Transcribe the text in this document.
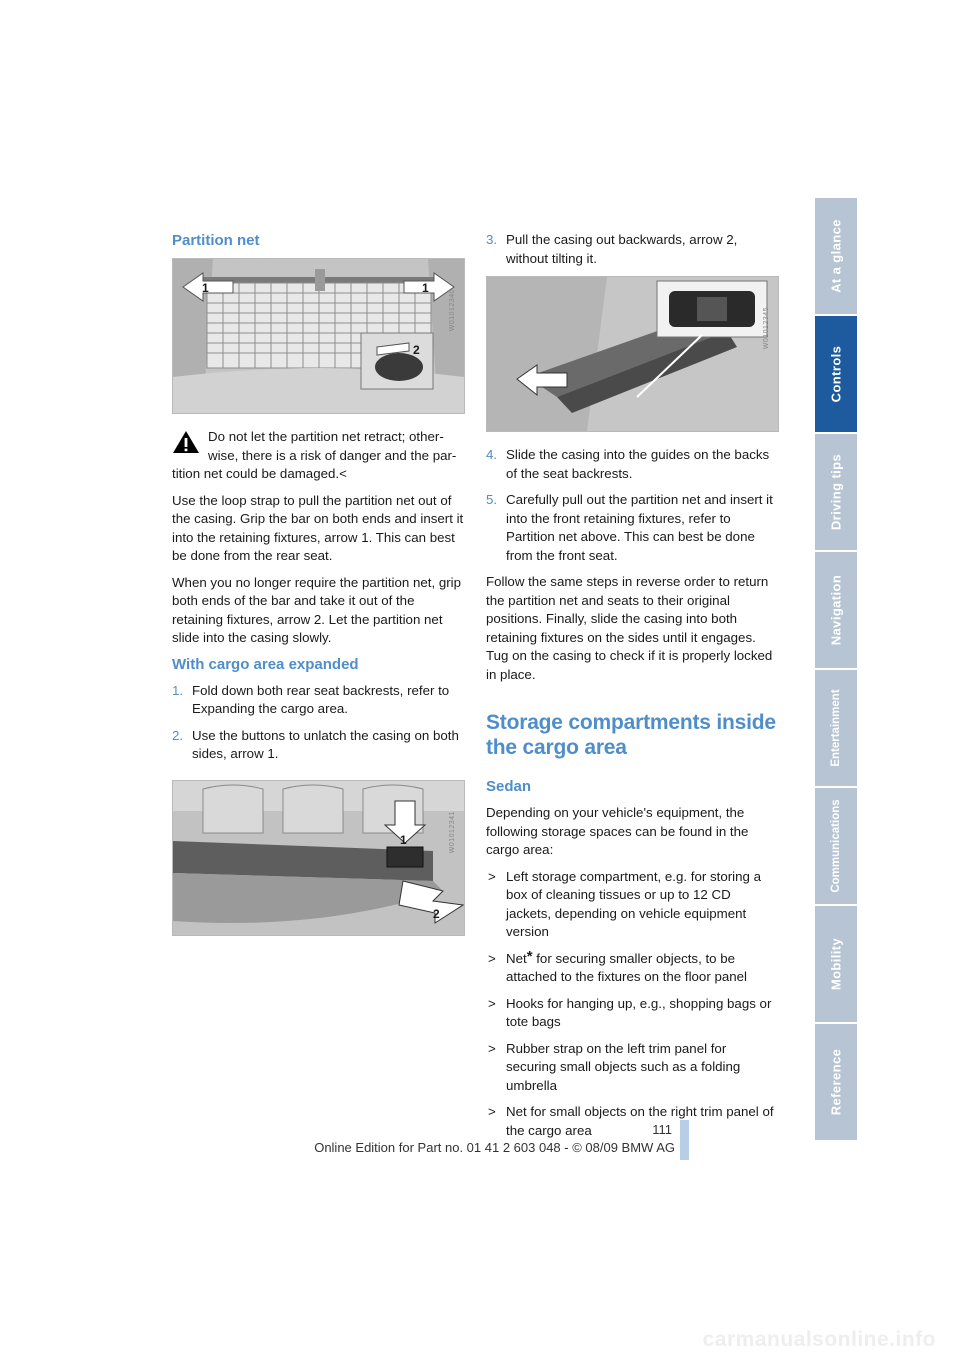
Partition net
1	1
2
W01012340
Do not let the partition net retract; other-
wise, there is a risk of danger and the par-

tition net could be damaged.<

Use the loop strap to pull the partition net out of the casing. Grip the bar on both ends and insert it into the retaining fixtures, arrow 1. This can best be done from the rear seat.

When you no longer require the partition net, grip both ends of the bar and take it out of the retaining fixtures, arrow 2. Let the partition net slide into the casing slowly.

With cargo area expanded
1. Fold down both rear seat backrests, refer to Expanding the cargo area.
2. Use the buttons to unlatch the casing on both sides, arrow 1.
1
2
W01012341
3. Pull the casing out backwards, arrow 2, without tilting it.
W01012345
4. Slide the casing into the guides on the backs of the seat backrests.
5. Carefully pull out the partition net and insert it into the front retaining fixtures, refer to Partition net above. This can best be done from the front seat.

Follow the same steps in reverse order to return the partition net and seats to their original positions. Finally, slide the casing into both retaining fixtures on the sides until it engages. Tug on the casing to check if it is properly locked in place.

Storage compartments inside the cargo area
Sedan

Depending on your vehicle's equipment, the following storage spaces can be found in the cargo area:

> Left storage compartment, e.g. for storing a box of cleaning tissues or up to 12 CD jackets, depending on vehicle equipment version
> Net* for securing smaller objects, to be attached to the fixtures on the floor panel
> Hooks for hanging up, e.g., shopping bags or tote bags
> Rubber strap on the left trim panel for securing small objects such as a folding umbrella
> Net for small objects on the right trim panel of the cargo area
At a glance
Controls
Driving tips
Navigation
Entertainment
Communications
Mobility
Reference
111
Online Edition for Part no. 01 41 2 603 048 - © 08/09 BMW AG
carmanualsonline.info
